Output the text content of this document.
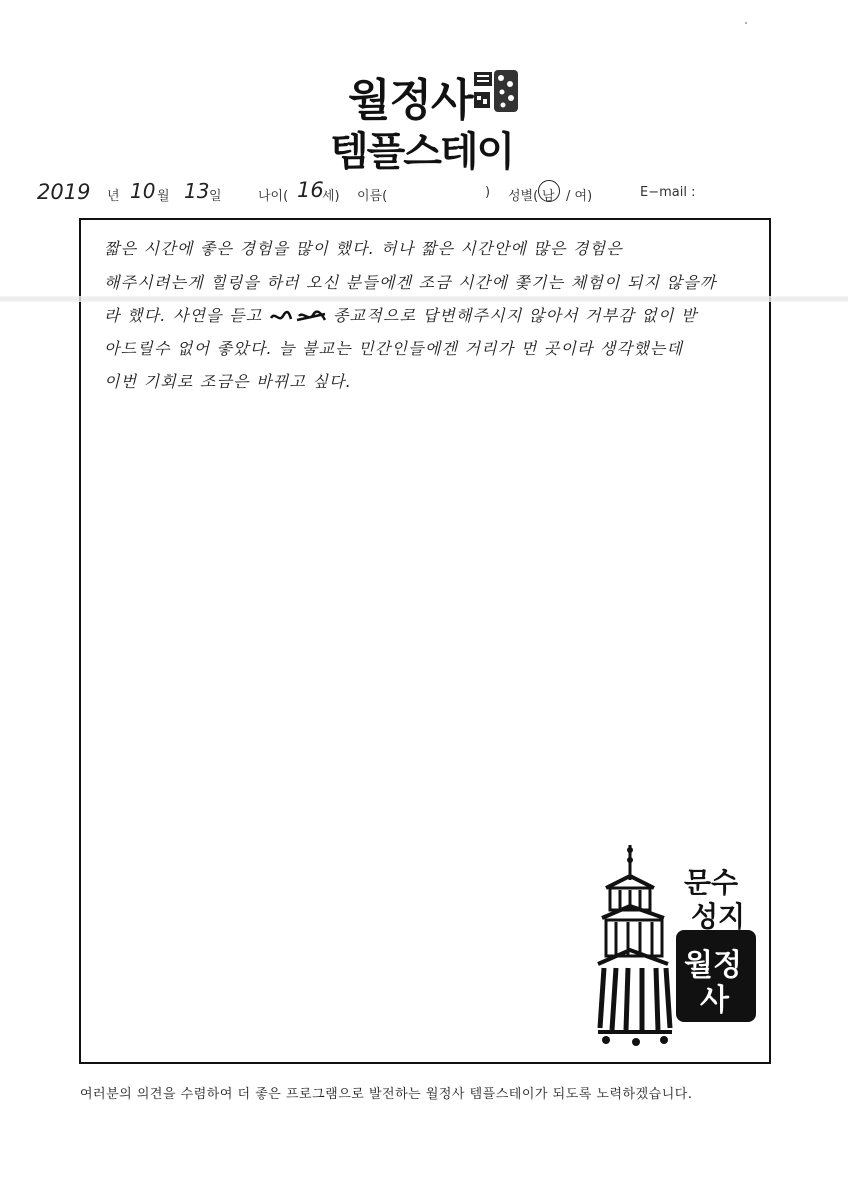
월정사
템플스테이
2019 년 10 월 13 일	나이( 16
세) 이름(	) 성별( 남 / 여)	E−mail :
짧은 시간에 좋은 경험을 많이 했다. 허나 짧은 시간안에 많은 경험은
해주시려는게 힐링을 하러 오신 분들에겐 조금 시간에 쫓기는 체험이 되지 않을까
라 했다. 사연을 듣고	종교적으로 답변해주시지 않아서 거부감 없이 받
아드릴수 없어 좋았다. 늘 불교는 민간인들에겐 거리가 먼 곳이라 생각했는데
이번 기회로 조금은 바뀌고 싶다.
문수
성지
월정
사
여러분의 의견을 수렴하여 더 좋은 프로그램으로 발전하는 월정사 템플스테이가 되도록 노력하겠습니다.
